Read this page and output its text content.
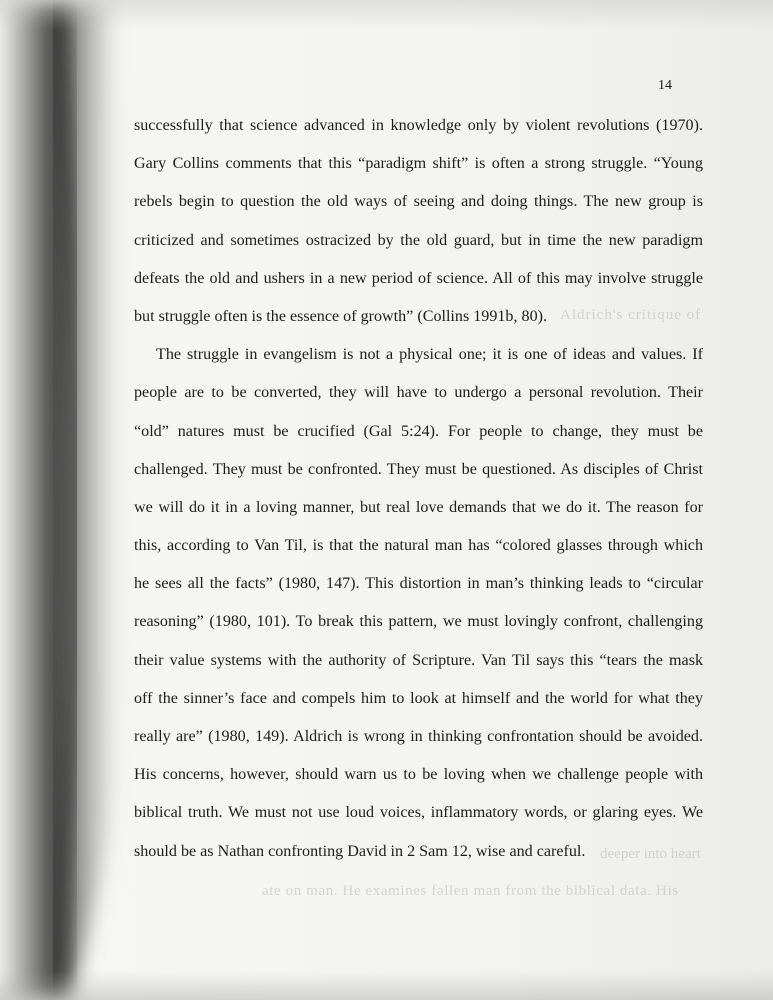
Aldrich's critique of
deeper into heart
ate on man. He examines fallen man from the biblical data. His
14
successfully that science advanced in knowledge only by violent revolutions (1970).
Gary Collins comments that this “paradigm shift” is often a strong struggle. “Young
rebels begin to question the old ways of seeing and doing things. The new group is
criticized and sometimes ostracized by the old guard, but in time the new paradigm
defeats the old and ushers in a new period of science. All of this may involve struggle
but struggle often is the essence of growth” (Collins 1991b, 80).
The struggle in evangelism is not a physical one; it is one of ideas and values. If
people are to be converted, they will have to undergo a personal revolution. Their
“old” natures must be crucified (Gal 5:24). For people to change, they must be
challenged. They must be confronted. They must be questioned. As disciples of Christ
we will do it in a loving manner, but real love demands that we do it. The reason for
this, according to Van Til, is that the natural man has “colored glasses through which
he sees all the facts” (1980, 147). This distortion in man’s thinking leads to “circular
reasoning” (1980, 101). To break this pattern, we must lovingly confront, challenging
their value systems with the authority of Scripture. Van Til says this “tears the mask
off the sinner’s face and compels him to look at himself and the world for what they
really are” (1980, 149). Aldrich is wrong in thinking confrontation should be avoided.
His concerns, however, should warn us to be loving when we challenge people with
biblical truth. We must not use loud voices, inflammatory words, or glaring eyes. We
should be as Nathan confronting David in 2 Sam 12, wise and careful.
